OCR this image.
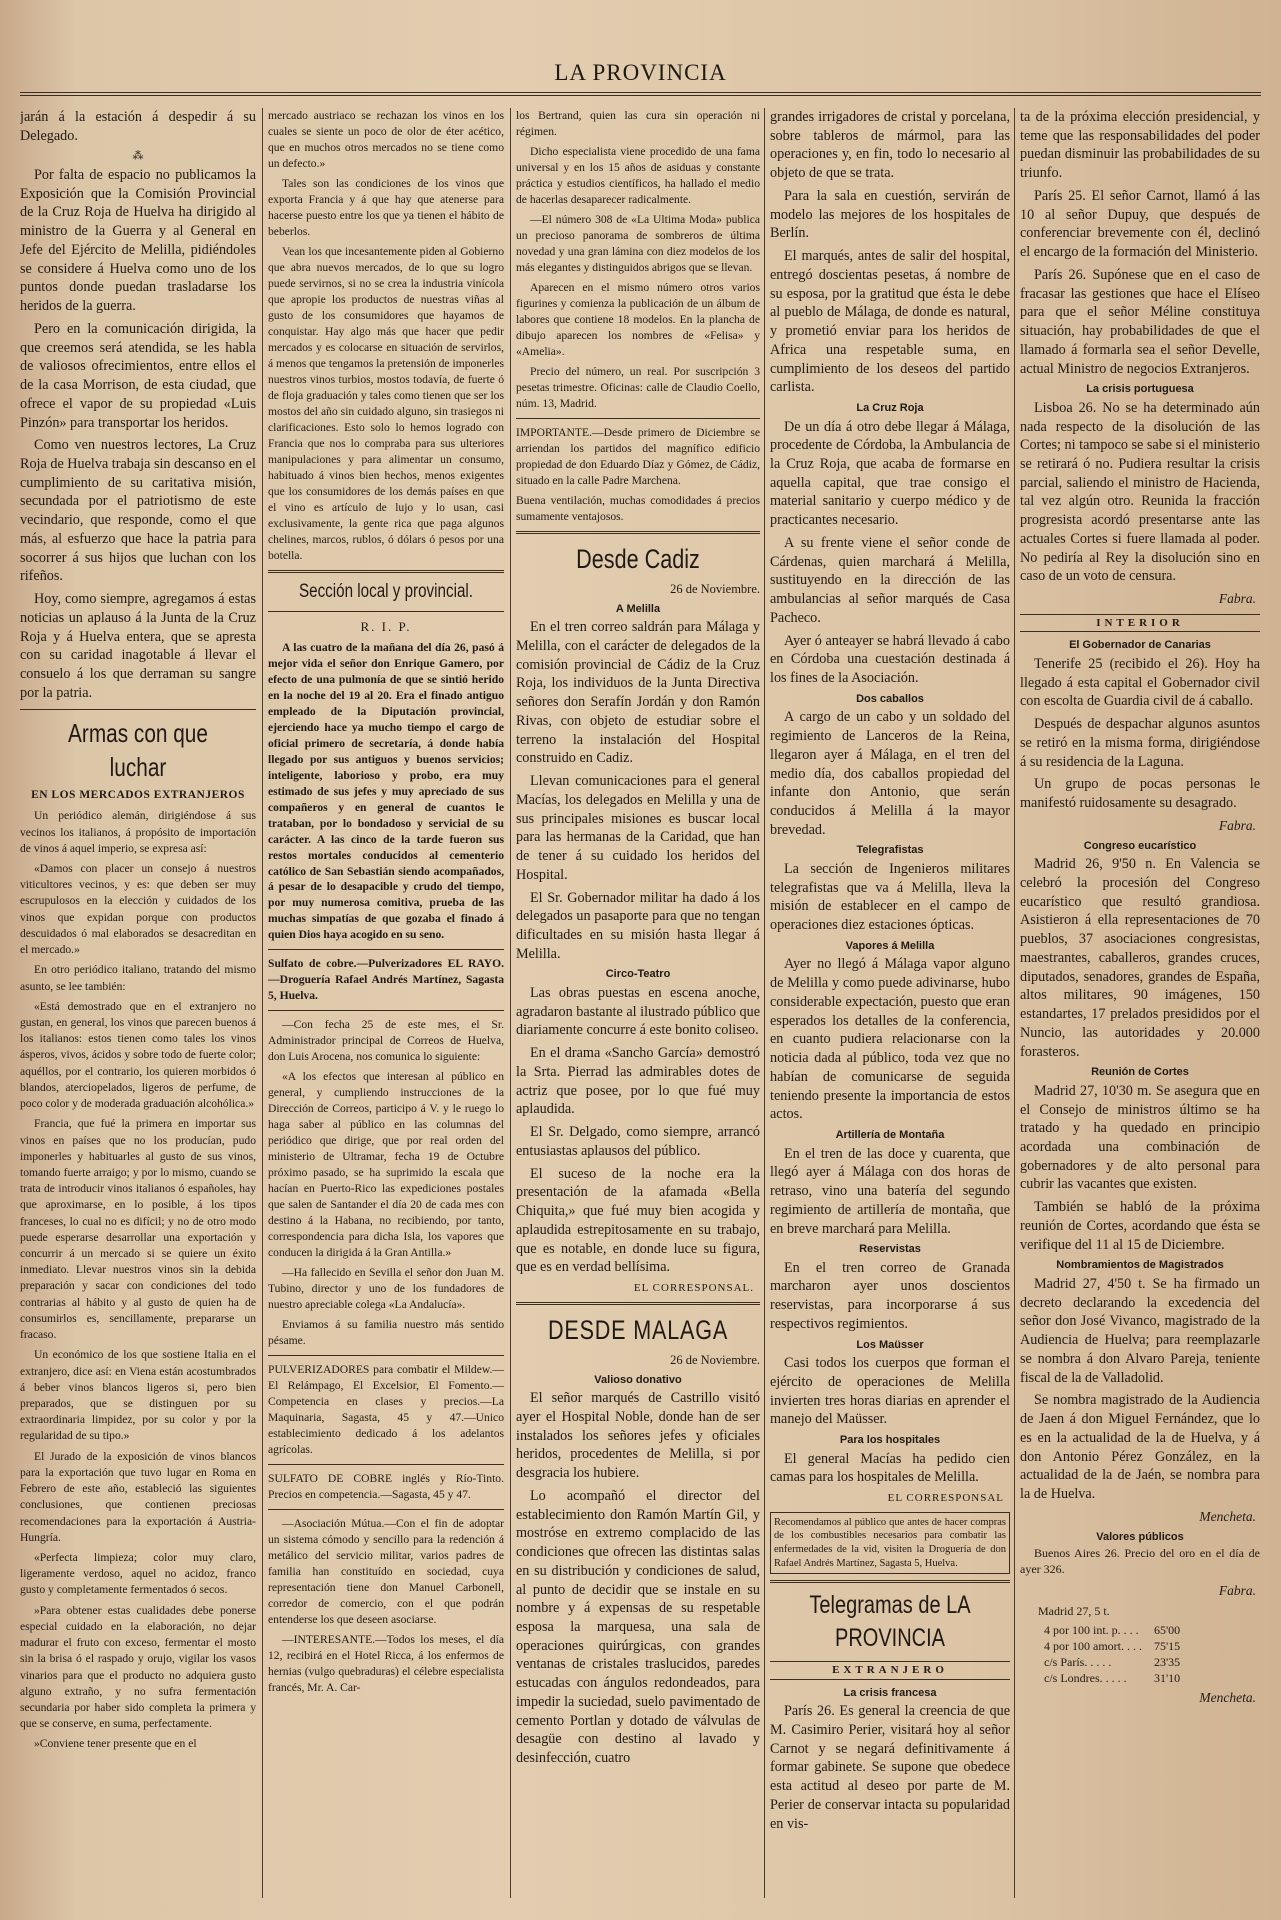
LA PROVINCIA

jarán á la estación á despedir á su Delegado.

⁂

Por falta de espacio no publicamos la Exposición que la Comisión Provincial de la Cruz Roja de Huelva ha dirigido al ministro de la Guerra y al General en Jefe del Ejército de Melilla, pidiéndoles se considere á Huelva como uno de los puntos donde puedan trasladarse los heridos de la guerra.

Pero en la comunicación dirigida, la que creemos será atendida, se les habla de valiosos ofrecimientos, entre ellos el de la casa Morrison, de esta ciudad, que ofrece el vapor de su propiedad «Luis Pinzón» para transportar los heridos.

Como ven nuestros lectores, La Cruz Roja de Huelva trabaja sin descanso en el cumplimiento de su caritativa misión, secundada por el patriotismo de este vecindario, que responde, como el que más, al esfuerzo que hace la patria para socorrer á sus hijos que luchan con los rifeños.

Hoy, como siempre, agregamos á estas noticias un aplauso á la Junta de la Cruz Roja y á Huelva entera, que se apresta con su caridad inagotable á llevar el consuelo á los que derraman su sangre por la patria.

Armas con que luchar
EN LOS MERCADOS EXTRANJEROS

Un periódico alemán, dirigiéndose á sus vecinos los italianos, á propósito de importación de vinos á aquel imperio, se expresa así:

«Damos con placer un consejo á nuestros viticultores vecinos, y es: que deben ser muy escrupulosos en la elección y cuidados de los vinos que expidan porque con productos descuidados ó mal elaborados se desacreditan en el mercado.»

En otro periódico italiano, tratando del mismo asunto, se lee también:

«Está demostrado que en el extranjero no gustan, en general, los vinos que parecen buenos á los italianos: estos tienen como tales los vinos ásperos, vivos, ácidos y sobre todo de fuerte color; aquéllos, por el contrario, los quieren morbidos ó blandos, aterciopelados, ligeros de perfume, de poco color y de moderada graduación alcohólica.»

Francia, que fué la primera en importar sus vinos en países que no los producían, pudo imponerles y habituarles al gusto de sus vinos, tomando fuerte arraigo; y por lo mismo, cuando se trata de introducir vinos italianos ó españoles, hay que aproximarse, en lo posible, á los tipos franceses, lo cual no es difícil; y no de otro modo puede esperarse desarrollar una exportación y concurrir á un mercado si se quiere un éxito inmediato. Llevar nuestros vinos sin la debida preparación y sacar con condiciones del todo contrarias al hábito y al gusto de quien ha de consumirlos es, sencillamente, prepararse un fracaso.

Un económico de los que sostiene Italia en el extranjero, dice así: en Viena están acostumbrados á beber vinos blancos ligeros si, pero bien preparados, que se distinguen por su extraordinaria limpidez, por su color y por la regularidad de su tipo.»

El Jurado de la exposición de vinos blancos para la exportación que tuvo lugar en Roma en Febrero de este año, estableció las siguientes conclusiones, que contienen preciosas recomendaciones para la exportación á Austria-Hungría.

«Perfecta limpieza; color muy claro, ligeramente verdoso, aquel no acidoz, franco gusto y completamente fermentados ó secos.

»Para obtener estas cualidades debe ponerse especial cuidado en la elaboración, no dejar madurar el fruto con exceso, fermentar el mosto sin la brisa ó el raspado y orujo, vigilar los vasos vinarios para que el producto no adquiera gusto alguno extraño, y no sufra fermentación secundaria por haber sido completa la primera y que se conserve, en suma, perfectamente.

»Conviene tener presente que en el

mercado austriaco se rechazan los vinos en los cuales se siente un poco de olor de éter acético, que en muchos otros mercados no se tiene como un defecto.»

Tales son las condiciones de los vinos que exporta Francia y á que hay que atenerse para hacerse puesto entre los que ya tienen el hábito de beberlos.

Vean los que incesantemente piden al Gobierno que abra nuevos mercados, de lo que su logro puede servirnos, si no se crea la industria vinícola que apropie los productos de nuestras viñas al gusto de los consumidores que hayamos de conquistar. Hay algo más que hacer que pedir mercados y es colocarse en situación de servirlos, á menos que tengamos la pretensión de imponerles nuestros vinos turbios, mostos todavía, de fuerte ó de floja graduación y tales como tienen que ser los mostos del año sin cuidado alguno, sin trasiegos ni clarificaciones. Esto solo lo hemos logrado con Francia que nos lo compraba para sus ulteriores manipulaciones y para alimentar un consumo, habituado á vinos bien hechos, menos exigentes que los consumidores de los demás países en que el vino es artículo de lujo y lo usan, casi exclusivamente, la gente rica que paga algunos chelines, marcos, rublos, ó dólars ó pesos por una botella.

Sección local y provincial.
R. I. P.

A las cuatro de la mañana del día 26, pasó á mejor vida el señor don Enrique Gamero, por efecto de una pulmonía de que se sintió herido en la noche del 19 al 20. Era el finado antiguo empleado de la Diputación provincial, ejerciendo hace ya mucho tiempo el cargo de oficial primero de secretaría, á donde había llegado por sus antiguos y buenos servicios; inteligente, laborioso y probo, era muy estimado de sus jefes y muy apreciado de sus compañeros y en general de cuantos le trataban, por lo bondadoso y servicial de su carácter. A las cinco de la tarde fueron sus restos mortales conducidos al cementerio católico de San Sebastián siendo acompañados, á pesar de lo desapacible y crudo del tiempo, por muy numerosa comitiva, prueba de las muchas simpatías de que gozaba el finado á quien Dios haya acogido en su seno.

Sulfato de cobre.—Pulverizadores EL RAYO.—Droguería Rafael Andrés Martínez, Sagasta 5, Huelva.

—Con fecha 25 de este mes, el Sr. Administrador principal de Correos de Huelva, don Luis Arocena, nos comunica lo siguiente:

«A los efectos que interesan al público en general, y cumpliendo instrucciones de la Dirección de Correos, participo á V. y le ruego lo haga saber al público en las columnas del periódico que dirige, que por real orden del ministerio de Ultramar, fecha 19 de Octubre próximo pasado, se ha suprimido la escala que hacían en Puerto-Rico las expediciones postales que salen de Santander el día 20 de cada mes con destino á la Habana, no recibiendo, por tanto, correspondencia para dicha Isla, los vapores que conducen la dirigida á la Gran Antilla.»

—Ha fallecido en Sevilla el señor don Juan M. Tubino, director y uno de los fundadores de nuestro apreciable colega «La Andalucía».

Enviamos á su familia nuestro más sentido pésame.

PULVERIZADORES para combatir el Mildew.—El Relámpago, El Excelsior, El Fomento.—Competencia en clases y precios.—La Maquinaria, Sagasta, 45 y 47.—Unico establecimiento dedicado á los adelantos agrícolas.

SULFATO DE COBRE inglés y Río-Tinto. Precios en competencia.—Sagasta, 45 y 47.

—Asociación Mútua.—Con el fin de adoptar un sistema cómodo y sencillo para la redención á metálico del servicio militar, varios padres de familia han constituído en sociedad, cuya representación tiene don Manuel Carbonell, corredor de comercio, con el que podrán entenderse los que deseen asociarse.

—INTERESANTE.—Todos los meses, el día 12, recibirá en el Hotel Ricca, á los enfermos de hernias (vulgo quebraduras) el célebre especialista francés, Mr. A. Car-

los Bertrand, quien las cura sin operación ni régimen.

Dicho especialista viene procedido de una fama universal y en los 15 años de asiduas y constante práctica y estudios científicos, ha hallado el medio de hacerlas desaparecer radicalmente.

—El número 308 de «La Ultima Moda» publica un precioso panorama de sombreros de última novedad y una gran lámina con diez modelos de los más elegantes y distinguidos abrigos que se llevan.

Aparecen en el mismo número otros varios figurines y comienza la publicación de un álbum de labores que contiene 18 modelos. En la plancha de dibujo aparecen los nombres de «Felisa» y «Amelia».

Precio del número, un real. Por suscripción 3 pesetas trimestre. Oficinas: calle de Claudio Coello, núm. 13, Madrid.

IMPORTANTE.—Desde primero de Diciembre se arriendan los partidos del magnífico edificio propiedad de don Eduardo Díaz y Gómez, de Cádiz, situado en la calle Padre Marchena.

Buena ventilación, muchas comodidades á precios sumamente ventajosos.

Desde Cadiz
26 de Noviembre.
A Melilla

En el tren correo saldrán para Málaga y Melilla, con el carácter de delegados de la comisión provincial de Cádiz de la Cruz Roja, los individuos de la Junta Directiva señores don Serafín Jordán y don Ramón Rivas, con objeto de estudiar sobre el terreno la instalación del Hospital construido en Cadiz.

Llevan comunicaciones para el general Macías, los delegados en Melilla y una de sus principales misiones es buscar local para las hermanas de la Caridad, que han de tener á su cuidado los heridos del Hospital.

El Sr. Gobernador militar ha dado á los delegados un pasaporte para que no tengan dificultades en su misión hasta llegar á Melilla.

Circo-Teatro

Las obras puestas en escena anoche, agradaron bastante al ilustrado público que diariamente concurre á este bonito coliseo.

En el drama «Sancho García» demostró la Srta. Pierrad las admirables dotes de actriz que posee, por lo que fué muy aplaudida.

El Sr. Delgado, como siempre, arrancó entusiastas aplausos del público.

El suceso de la noche era la presentación de la afamada «Bella Chiquita,» que fué muy bien acogida y aplaudida estrepitosamente en su trabajo, que es notable, en donde luce su figura, que es en verdad bellísima.

EL CORRESPONSAL.
DESDE MALAGA
26 de Noviembre.
Valioso donativo

El señor marqués de Castrillo visitó ayer el Hospital Noble, donde han de ser instalados los señores jefes y oficiales heridos, procedentes de Melilla, si por desgracia los hubiere.

Lo acompañó el director del establecimiento don Ramón Martín Gil, y mostróse en extremo complacido de las condiciones que ofrecen las distintas salas en su distribución y condiciones de salud, al punto de decidir que se instale en su nombre y á expensas de su respetable esposa la marquesa, una sala de operaciones quirúrgicas, con grandes ventanas de cristales traslucidos, paredes estucadas con ángulos redondeados, para impedir la suciedad, suelo pavimentado de cemento Portlan y dotado de válvulas de desagüe con destino al lavado y desinfección, cuatro

grandes irrigadores de cristal y porcelana, sobre tableros de mármol, para las operaciones y, en fin, todo lo necesario al objeto de que se trata.

Para la sala en cuestión, servirán de modelo las mejores de los hospitales de Berlín.

El marqués, antes de salir del hospital, entregó doscientas pesetas, á nombre de su esposa, por la gratitud que ésta le debe al pueblo de Málaga, de donde es natural, y prometió enviar para los heridos de Africa una respetable suma, en cumplimiento de los deseos del partido carlista.

La Cruz Roja

De un día á otro debe llegar á Málaga, procedente de Córdoba, la Ambulancia de la Cruz Roja, que acaba de formarse en aquella capital, que trae consigo el material sanitario y cuerpo médico y de practicantes necesario.

A su frente viene el señor conde de Cárdenas, quien marchará á Melilla, sustituyendo en la dirección de las ambulancias al señor marqués de Casa Pacheco.

Ayer ó anteayer se habrá llevado á cabo en Córdoba una cuestación destinada á los fines de la Asociación.

Dos caballos

A cargo de un cabo y un soldado del regimiento de Lanceros de la Reina, llegaron ayer á Málaga, en el tren del medio día, dos caballos propiedad del infante don Antonio, que serán conducidos á Melilla á la mayor brevedad.

Telegrafistas

La sección de Ingenieros militares telegrafistas que va á Melilla, lleva la misión de establecer en el campo de operaciones diez estaciones ópticas.

Vapores á Melilla

Ayer no llegó á Málaga vapor alguno de Melilla y como puede adivinarse, hubo considerable expectación, puesto que eran esperados los detalles de la conferencia, en cuanto pudiera relacionarse con la noticia dada al público, toda vez que no habían de comunicarse de seguida teniendo presente la importancia de estos actos.

Artillería de Montaña

En el tren de las doce y cuarenta, que llegó ayer á Málaga con dos horas de retraso, vino una batería del segundo regimiento de artillería de montaña, que en breve marchará para Melilla.

Reservistas

En el tren correo de Granada marcharon ayer unos doscientos reservistas, para incorporarse á sus respectivos regimientos.

Los Maüsser

Casi todos los cuerpos que forman el ejército de operaciones de Melilla invierten tres horas diarias en aprender el manejo del Maüsser.

Para los hospitales

El general Macías ha pedido cien camas para los hospitales de Melilla.

EL CORRESPONSAL
Recomendamos al público que antes de hacer compras de los combustibles necesarios para combatir las enfermedades de la vid, visiten la Droguería de don Rafael Andrés Martínez, Sagasta 5, Huelva.
Telegramas de LA PROVINCIA
EXTRANJERO
La crisis francesa

París 26. Es general la creencia de que M. Casimiro Perier, visitará hoy al señor Carnot y se negará definitivamente á formar gabinete. Se supone que obedece esta actitud al deseo por parte de M. Perier de conservar intacta su popularidad en vis-

ta de la próxima elección presidencial, y teme que las responsabilidades del poder puedan disminuir las probabilidades de su triunfo.

París 25. El señor Carnot, llamó á las 10 al señor Dupuy, que después de conferenciar brevemente con él, declinó el encargo de la formación del Ministerio.

París 26. Supónese que en el caso de fracasar las gestiones que hace el Elíseo para que el señor Méline constituya situación, hay probabilidades de que el llamado á formarla sea el señor Develle, actual Ministro de negocios Extranjeros.

La crisis portuguesa

Lisboa 26. No se ha determinado aún nada respecto de la disolución de las Cortes; ni tampoco se sabe si el ministerio se retirará ó no. Pudiera resultar la crisis parcial, saliendo el ministro de Hacienda, tal vez algún otro. Reunida la fracción progresista acordó presentarse ante las actuales Cortes si fuere llamada al poder. No pediría al Rey la disolución sino en caso de un voto de censura.

Fabra.
INTERIOR
El Gobernador de Canarias

Tenerife 25 (recibido el 26). Hoy ha llegado á esta capital el Gobernador civil con escolta de Guardia civil de á caballo.

Después de despachar algunos asuntos se retiró en la misma forma, dirigiéndose á su residencia de la Laguna.

Un grupo de pocas personas le manifestó ruidosamente su desagrado.

Fabra.
Congreso eucarístico

Madrid 26, 9'50 n. En Valencia se celebró la procesión del Congreso eucarístico que resultó grandiosa. Asistieron á ella representaciones de 70 pueblos, 37 asociaciones congresistas, maestrantes, caballeros, grandes cruces, diputados, senadores, grandes de España, altos militares, 90 imágenes, 150 estandartes, 17 prelados presididos por el Nuncio, las autoridades y 20.000 forasteros.

Reunión de Cortes

Madrid 27, 10'30 m. Se asegura que en el Consejo de ministros último se ha tratado y ha quedado en principio acordada una combinación de gobernadores y de alto personal para cubrir las vacantes que existen.

También se habló de la próxima reunión de Cortes, acordando que ésta se verifique del 11 al 15 de Diciembre.

Nombramientos de Magistrados

Madrid 27, 4'50 t. Se ha firmado un decreto declarando la excedencia del señor don José Vivanco, magistrado de la Audiencia de Huelva; para reemplazarle se nombra á don Alvaro Pareja, teniente fiscal de la de Valladolid.

Se nombra magistrado de la Audiencia de Jaen á don Miguel Fernández, que lo es en la actualidad de la de Huelva, y á don Antonio Pérez González, en la actualidad de la de Jaén, se nombra para la de Huelva.

Mencheta.
Valores públicos

Buenos Aires 26. Precio del oro en el día de ayer 326.

Fabra.

Madrid 27, 5 t.

4 por 100 int. p. . . .	65'00
4 por 100 amort. . . .	75'15
c/s París. . . . .	23'35
c/s Londres. . . . .	31'10
Mencheta.
